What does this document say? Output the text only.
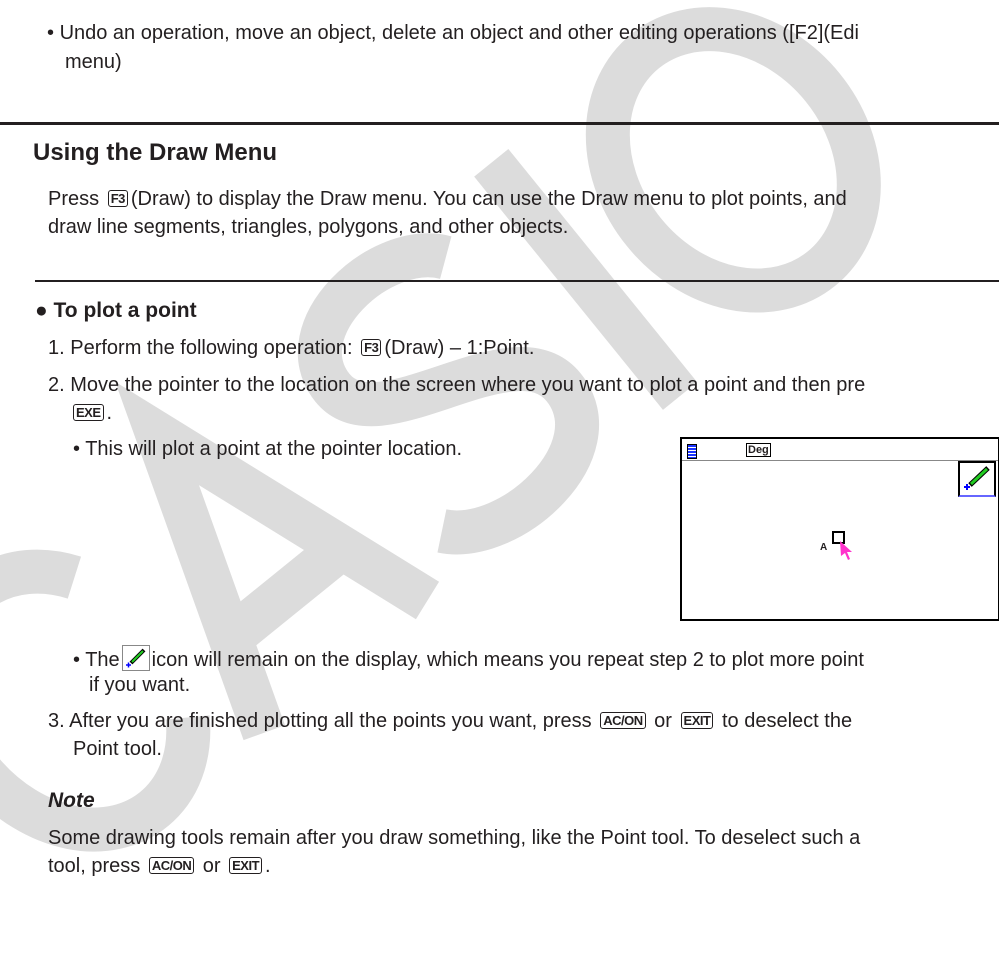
• Undo an operation, move an object, delete an object and other editing operations ([F2](Edi
menu)
Using the Draw Menu
Press F3 (Draw) to display the Draw menu. You can use the Draw menu to plot points, and
draw line segments, triangles, polygons, and other objects.
● To plot a point
1. Perform the following operation: F3 (Draw) – 1:Point.
2. Move the pointer to the location on the screen where you want to plot a point and then pre
EXE .
• This will plot a point at the pointer location.	Deg
A
• The icon will remain on the display, which means you repeat step 2 to plot more point
if you want.
3. After you are finished plotting all the points you want, press AC/ON or EXIT to deselect the
Point tool.
Note
Some drawing tools remain after you draw something, like the Point tool. To deselect such a
tool, press AC/ON or EXIT .
